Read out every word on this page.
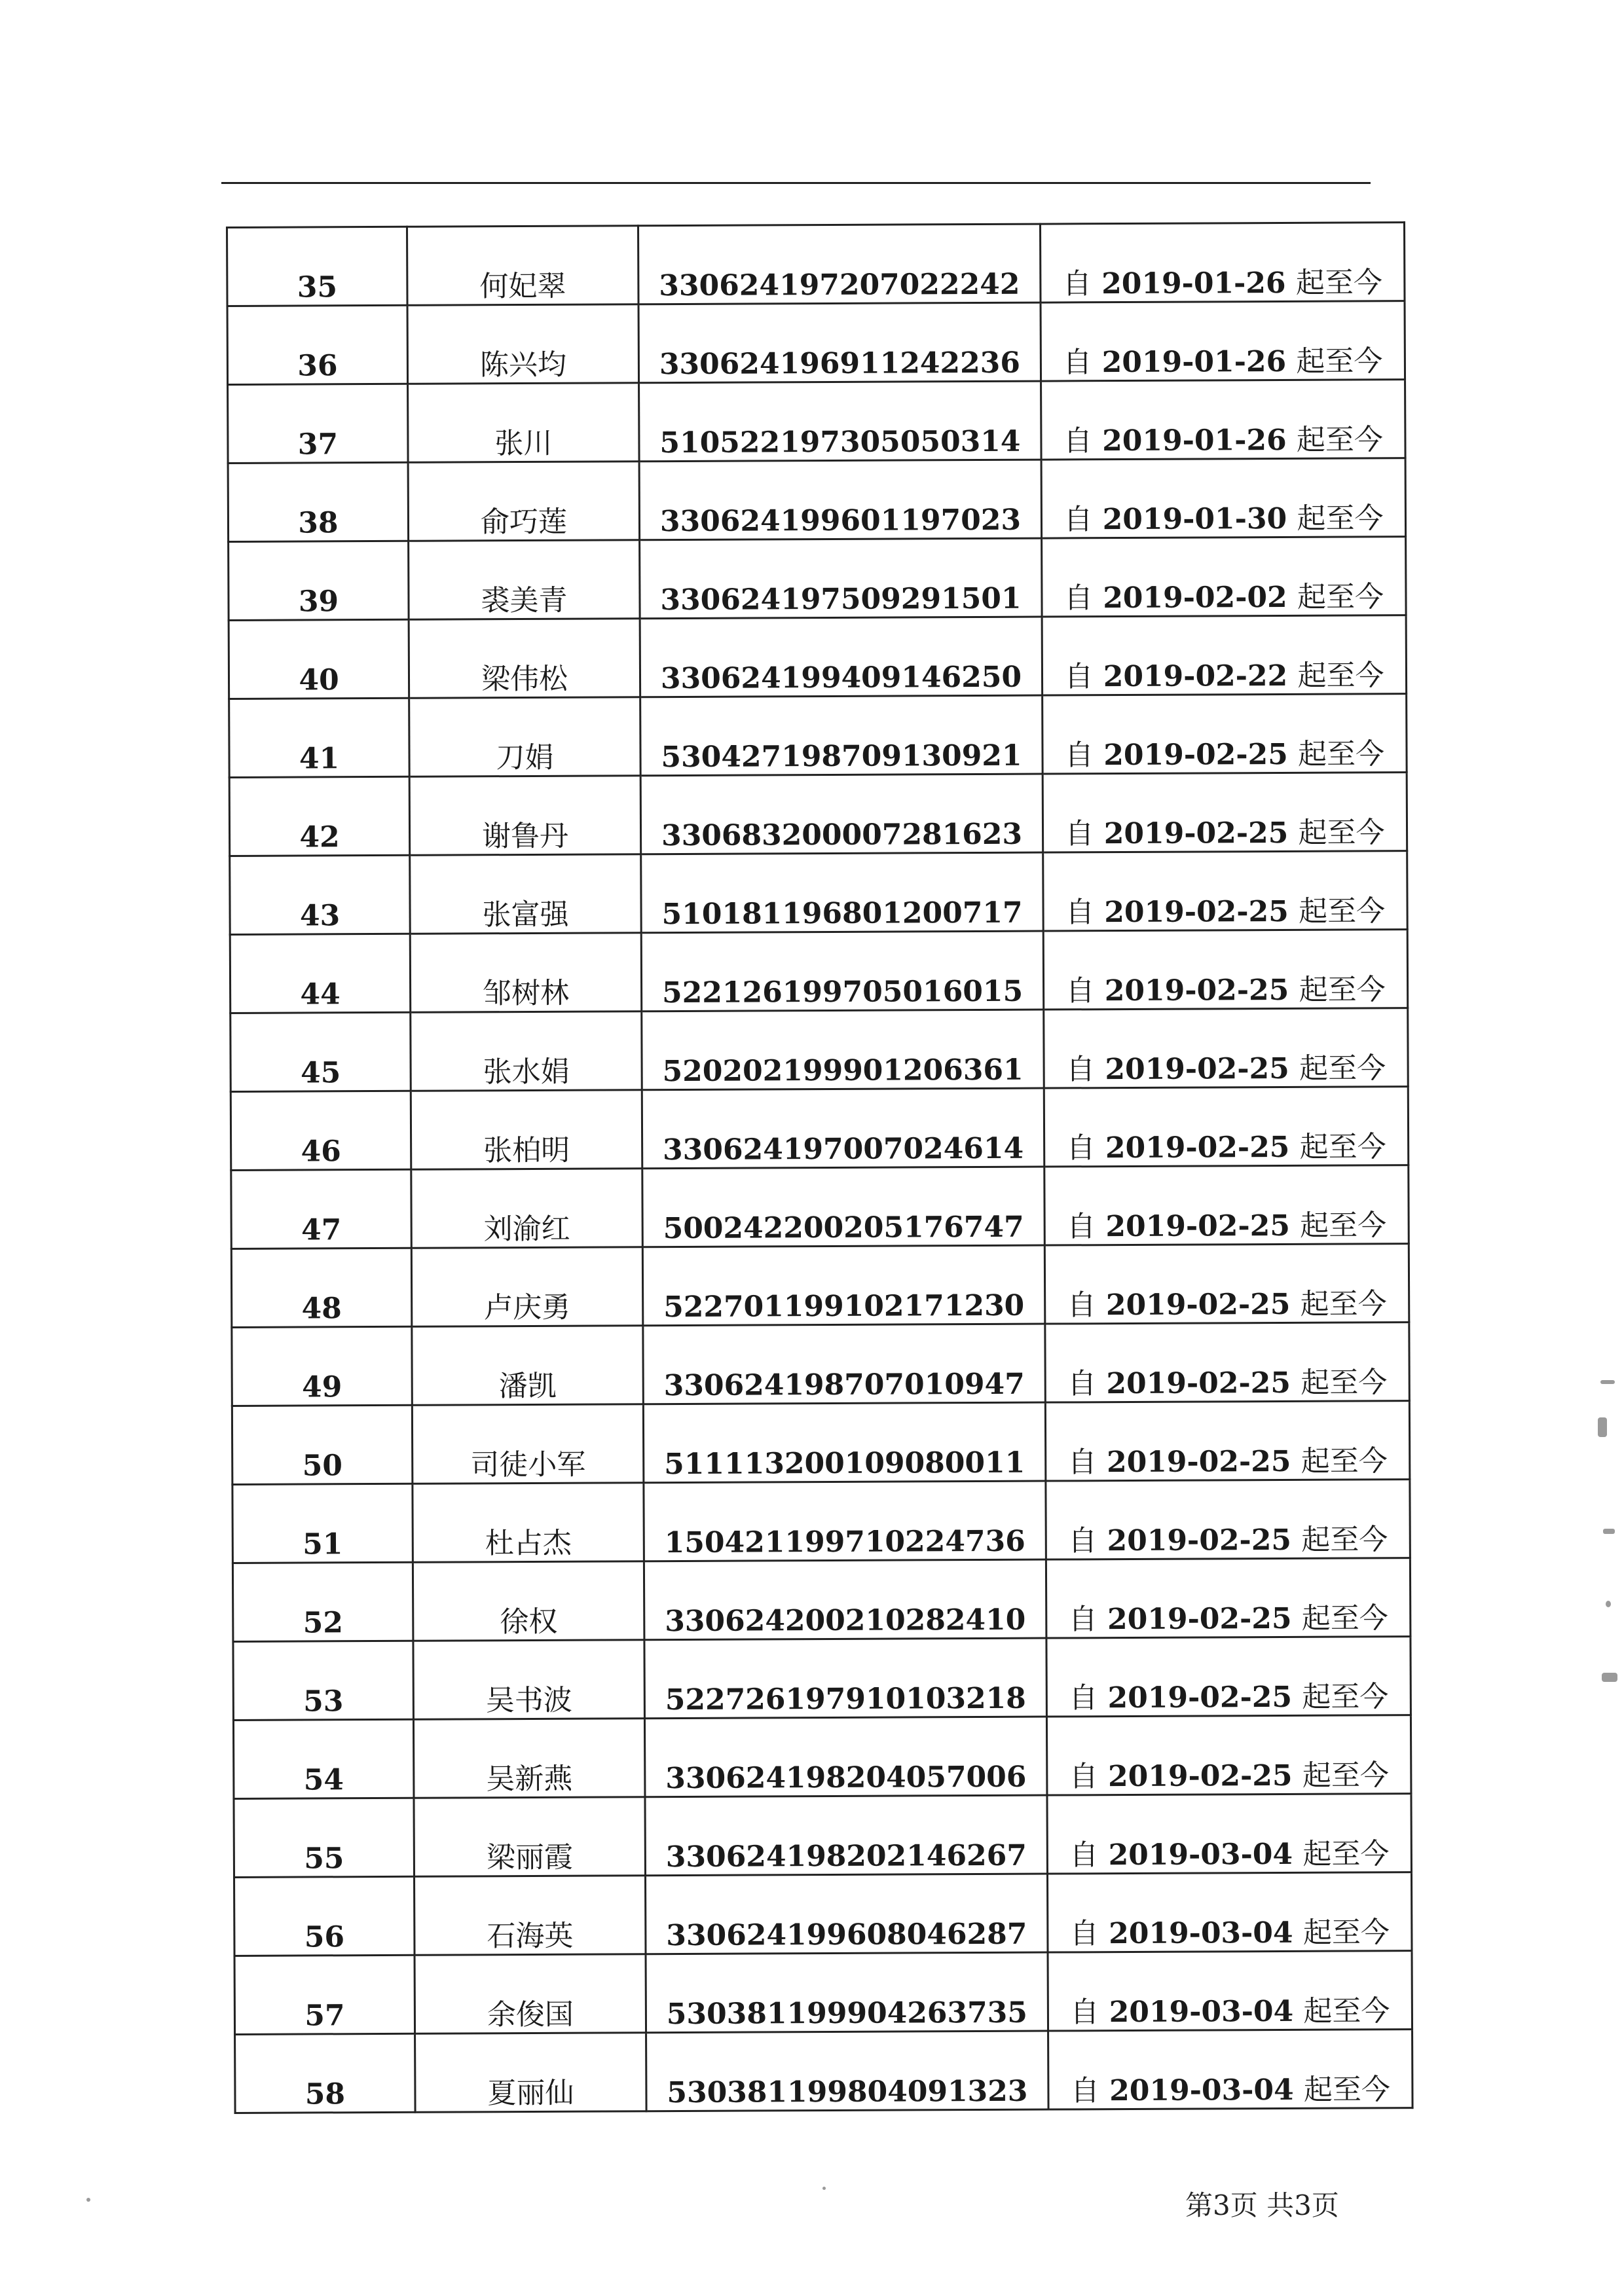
35	何妃翠	330624197207022242	自 2019-01-26 起至今
36	陈兴均	330624196911242236	自 2019-01-26 起至今
37	张川	510522197305050314	自 2019-01-26 起至今
38	俞巧莲	330624199601197023	自 2019-01-30 起至今
39	裘美青	330624197509291501	自 2019-02-02 起至今
40	梁伟松	330624199409146250	自 2019-02-22 起至今
41	刀娟	530427198709130921	自 2019-02-25 起至今
42	谢鲁丹	330683200007281623	自 2019-02-25 起至今
43	张富强	510181196801200717	自 2019-02-25 起至今
44	邹树林	522126199705016015	自 2019-02-25 起至今
45	张水娟	520202199901206361	自 2019-02-25 起至今
46	张柏明	330624197007024614	自 2019-02-25 起至今
47	刘渝红	500242200205176747	自 2019-02-25 起至今
48	卢庆勇	522701199102171230	自 2019-02-25 起至今
49	潘凯	330624198707010947	自 2019-02-25 起至今
50	司徒小军	511113200109080011	自 2019-02-25 起至今
51	杜占杰	150421199710224736	自 2019-02-25 起至今
52	徐权	330624200210282410	自 2019-02-25 起至今
53	吴书波	522726197910103218	自 2019-02-25 起至今
54	吴新燕	330624198204057006	自 2019-02-25 起至今
55	梁丽霞	330624198202146267	自 2019-03-04 起至今
56	石海英	330624199608046287	自 2019-03-04 起至今
57	余俊国	530381199904263735	自 2019-03-04 起至今
58	夏丽仙	530381199804091323	自 2019-03-04 起至今
第3页 共3页
